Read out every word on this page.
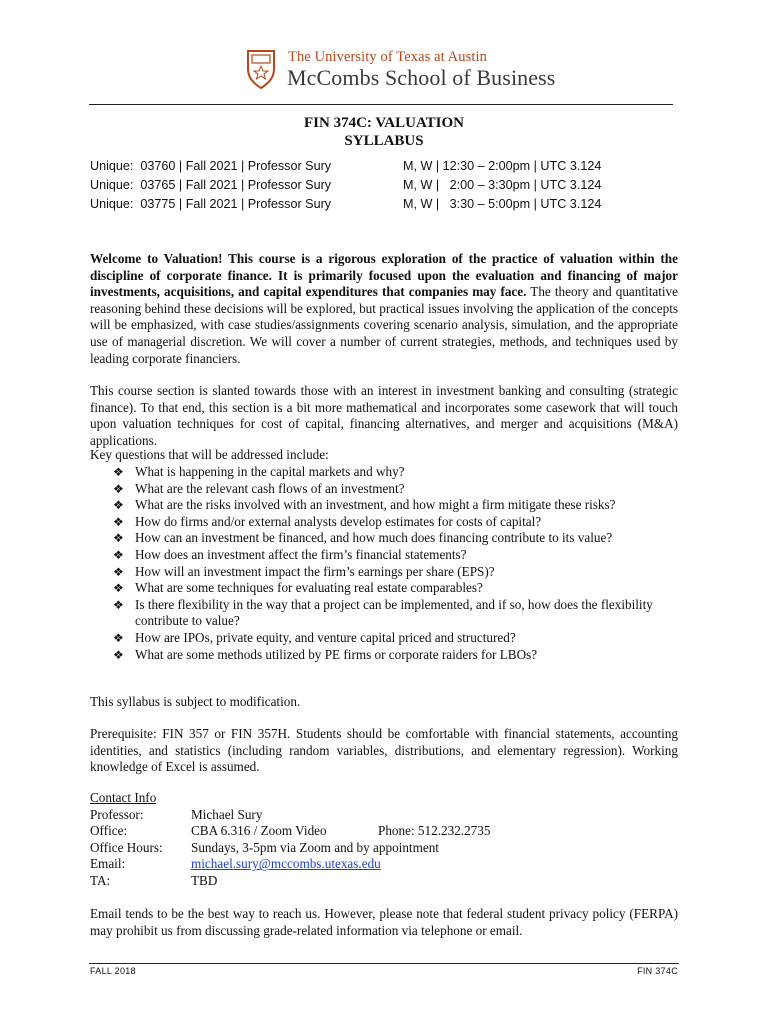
The University of Texas at Austin
McCombs School of Business
FIN 374C: VALUATION
SYLLABUS
Unique:  03760 | Fall 2021 | Professor Sury	M, W | 12:30 – 2:00pm | UTC 3.124
Unique:  03765 | Fall 2021 | Professor Sury	M, W |   2:00 – 3:30pm | UTC 3.124
Unique:  03775 | Fall 2021 | Professor Sury	M, W |   3:30 – 5:00pm | UTC 3.124
Welcome to Valuation! This course is a rigorous exploration of the practice of valuation within the discipline of corporate finance. It is primarily focused upon the evaluation and financing of major investments, acquisitions, and capital expenditures that companies may face. The theory and quantitative reasoning behind these decisions will be explored, but practical issues involving the application of the concepts will be emphasized, with case studies/assignments covering scenario analysis, simulation, and the appropriate use of managerial discretion. We will cover a number of current strategies, methods, and techniques used by leading corporate financiers.
This course section is slanted towards those with an interest in investment banking and consulting (strategic finance). To that end, this section is a bit more mathematical and incorporates some casework that will touch upon valuation techniques for cost of capital, financing alternatives, and merger and acquisitions (M&A) applications.
Key questions that will be addressed include:
❖ What is happening in the capital markets and why?
❖ What are the relevant cash flows of an investment?
❖ What are the risks involved with an investment, and how might a firm mitigate these risks?
❖ How do firms and/or external analysts develop estimates for costs of capital?
❖ How can an investment be financed, and how much does financing contribute to its value?
❖ How does an investment affect the firm’s financial statements?
❖ How will an investment impact the firm’s earnings per share (EPS)?
❖ What are some techniques for evaluating real estate comparables?
❖ Is there flexibility in the way that a project can be implemented, and if so, how does the flexibility contribute to value?
❖ How are IPOs, private equity, and venture capital priced and structured?
❖ What are some methods utilized by PE firms or corporate raiders for LBOs?
This syllabus is subject to modification.
Prerequisite: FIN 357 or FIN 357H. Students should be comfortable with financial statements, accounting identities, and statistics (including random variables, distributions, and elementary regression). Working knowledge of Excel is assumed.
Contact Info
Professor:	Michael Sury
Office:	CBA 6.316 / Zoom Video	Phone: 512.232.2735
Office Hours: Sundays, 3-5pm via Zoom and by appointment
Email:	michael.sury@mccombs.utexas.edu
TA:	TBD
Email tends to be the best way to reach us. However, please note that federal student privacy policy (FERPA) may prohibit us from discussing grade-related information via telephone or email.
FALL 2018	FIN 374C
